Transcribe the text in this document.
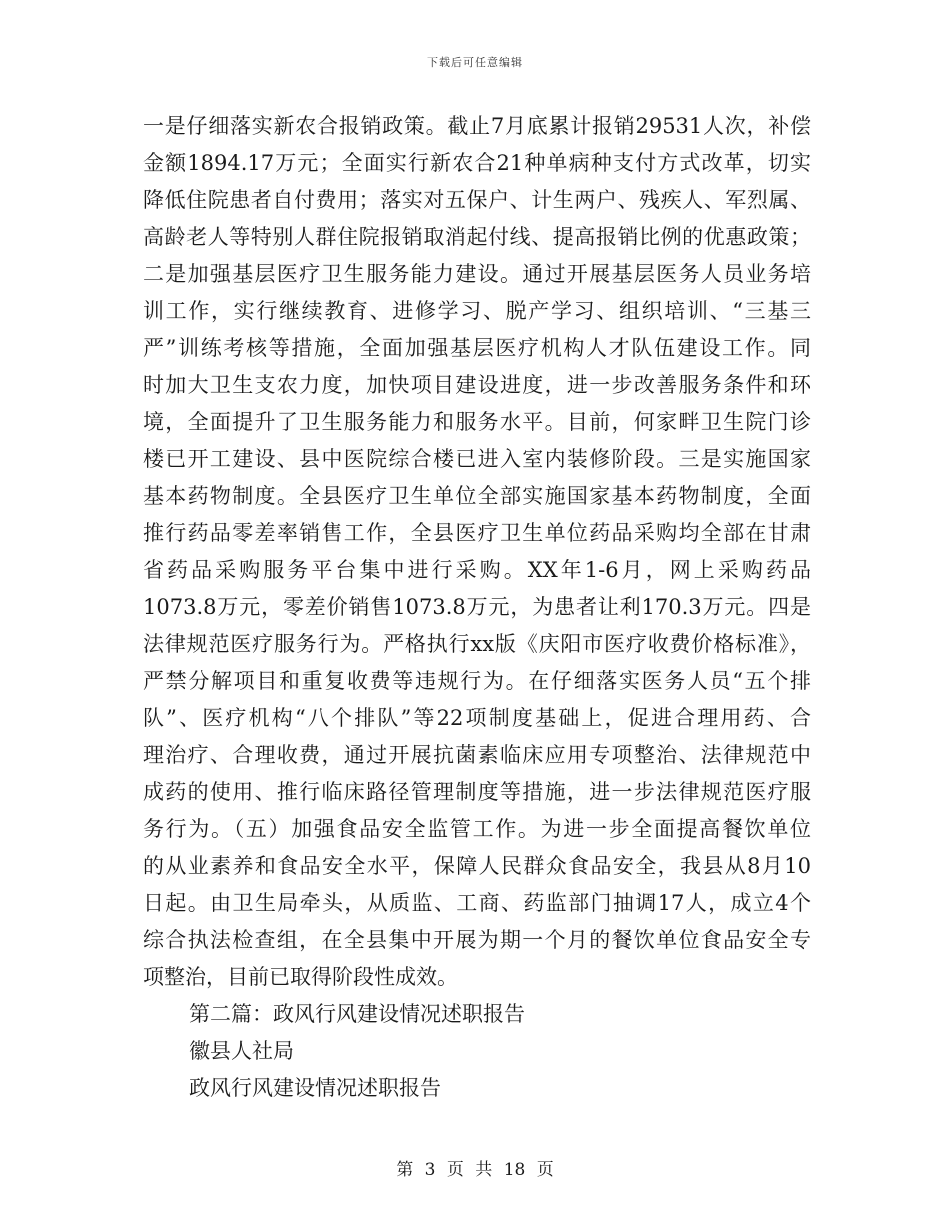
下载后可任意编辑
一是仔细落实新农合报销政策。截止7月底累计报销29531人次，补偿
金额1894.17万元；全面实行新农合21种单病种支付方式改革，切实
降低住院患者自付费用；落实对五保户、计生两户、残疾人、军烈属、
高龄老人等特别人群住院报销取消起付线、提高报销比例的优惠政策；
二是加强基层医疗卫生服务能力建设。通过开展基层医务人员业务培
训工作，实行继续教育、进修学习、脱产学习、组织培训、“三基三
严”训练考核等措施，全面加强基层医疗机构人才队伍建设工作。同
时加大卫生支农力度，加快项目建设进度，进一步改善服务条件和环
境，全面提升了卫生服务能力和服务水平。目前，何家畔卫生院门诊
楼已开工建设、县中医院综合楼已进入室内装修阶段。三是实施国家
基本药物制度。全县医疗卫生单位全部实施国家基本药物制度，全面
推行药品零差率销售工作，全县医疗卫生单位药品采购均全部在甘肃
省药品采购服务平台集中进行采购。XX年1-6月，网上采购药品
1073.8万元，零差价销售1073.8万元，为患者让利170.3万元。四是
法律规范医疗服务行为。严格执行xx版《庆阳市医疗收费价格标准》，
严禁分解项目和重复收费等违规行为。在仔细落实医务人员“五个排
队”、医疗机构“八个排队”等22项制度基础上，促进合理用药、合
理治疗、合理收费，通过开展抗菌素临床应用专项整治、法律规范中
成药的使用、推行临床路径管理制度等措施，进一步法律规范医疗服
务行为。（五）加强食品安全监管工作。为进一步全面提高餐饮单位
的从业素养和食品安全水平，保障人民群众食品安全，我县从8月10
日起。由卫生局牵头，从质监、工商、药监部门抽调17人，成立4个
综合执法检查组，在全县集中开展为期一个月的餐饮单位食品安全专
项整治，目前已取得阶段性成效。
第二篇：政风行风建设情况述职报告
徽县人社局
政风行风建设情况述职报告
第 3 页 共 18 页
